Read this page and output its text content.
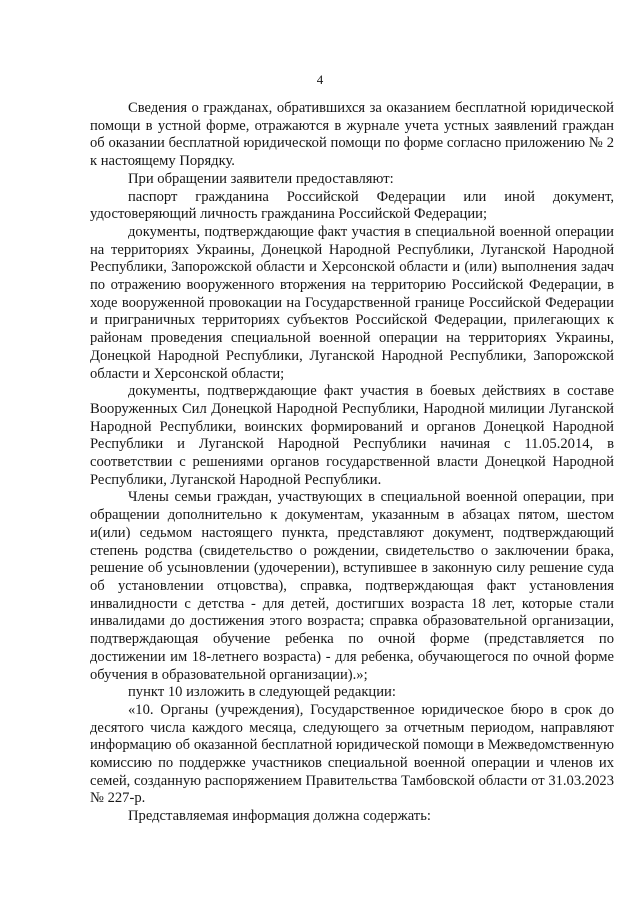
4

Сведения о гражданах, обратившихся за оказанием бесплатной юридической помощи в устной форме, отражаются в журнале учета устных заявлений граждан об оказании бесплатной юридической помощи по форме согласно приложению № 2 к настоящему Порядку.

При обращении заявители предоставляют:

паспорт гражданина Российской Федерации или иной документ, удостоверяющий личность гражданина Российской Федерации;

документы, подтверждающие факт участия в специальной военной операции на территориях Украины, Донецкой Народной Республики, Луганской Народной Республики, Запорожской области и Херсонской области и (или) выполнения задач по отражению вооруженного вторжения на территорию Российской Федерации, в ходе вооруженной провокации на Государственной границе Российской Федерации и приграничных территориях субъектов Российской Федерации, прилегающих к районам проведения специальной военной операции на территориях Украины, Донецкой Народной Республики, Луганской Народной Республики, Запорожской области и Херсонской области;

документы, подтверждающие факт участия в боевых действиях в составе Вооруженных Сил Донецкой Народной Республики, Народной милиции Луганской Народной Республики, воинских формирований и органов Донецкой Народной Республики и Луганской Народной Республики начиная с 11.05.2014, в соответствии с решениями органов государственной власти Донецкой Народной Республики, Луганской Народной Республики.

Члены семьи граждан, участвующих в специальной военной операции, при обращении дополнительно к документам, указанным в абзацах пятом, шестом и(или) седьмом настоящего пункта, представляют документ, подтверждающий степень родства (свидетельство о рождении, свидетельство о заключении брака, решение об усыновлении (удочерении), вступившее в законную силу решение суда об установлении отцовства), справка, подтверждающая факт установления инвалидности с детства - для детей, достигших возраста 18 лет, которые стали инвалидами до достижения этого возраста; справка образовательной организации, подтверждающая обучение ребенка по очной форме (представляется по достижении им 18-летнего возраста) - для ребенка, обучающегося по очной форме обучения в образовательной организации).»;

пункт 10 изложить в следующей редакции:

«10. Органы (учреждения), Государственное юридическое бюро в срок до десятого числа каждого месяца, следующего за отчетным периодом, направляют информацию об оказанной бесплатной юридической помощи в Межведомственную комиссию по поддержке участников специальной военной операции и членов их семей, созданную распоряжением Правительства Тамбовской области от 31.03.2023 № 227-р.

Представляемая информация должна содержать:
